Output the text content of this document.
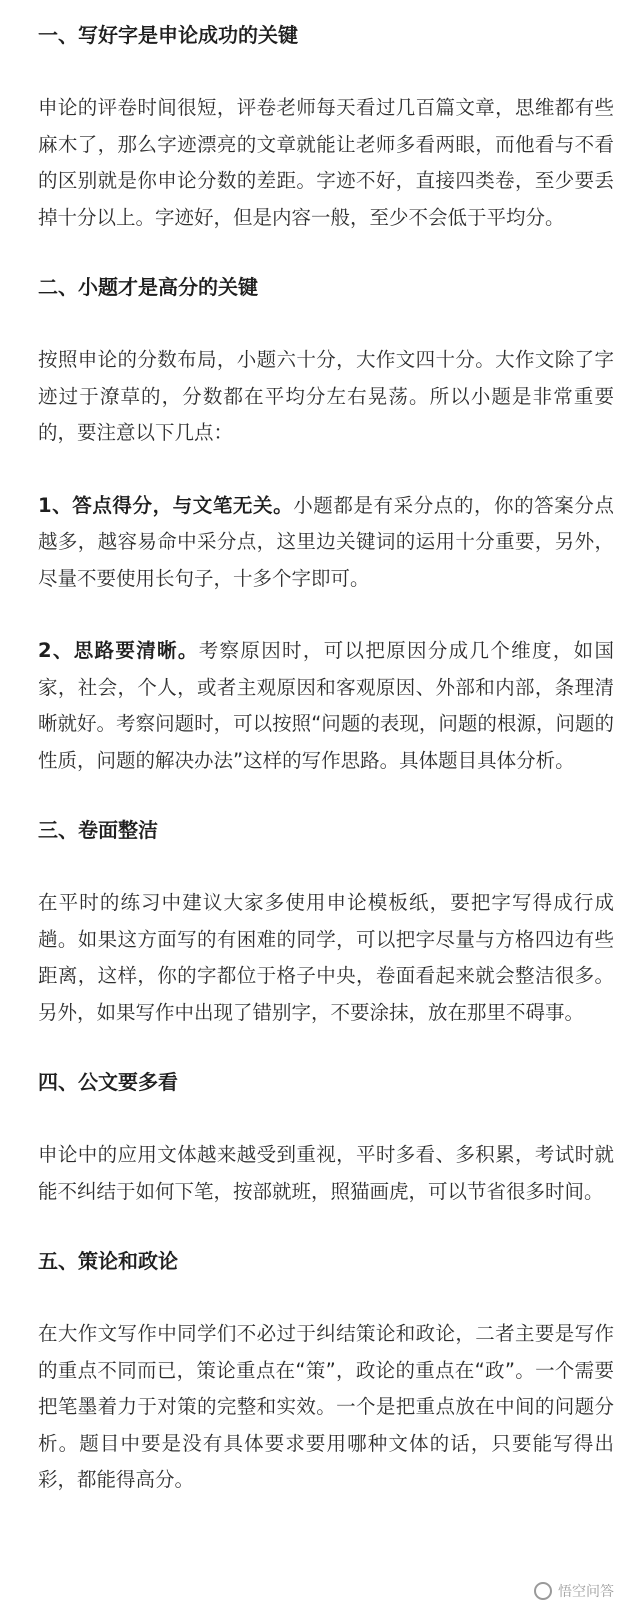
一、写好字是申论成功的关键

申论的评卷时间很短，评卷老师每天看过几百篇文章，思维都有些麻木了，那么字迹漂亮的文章就能让老师多看两眼，而他看与不看的区别就是你申论分数的差距。字迹不好，直接四类卷，至少要丢掉十分以上。字迹好，但是内容一般，至少不会低于平均分。

二、小题才是高分的关键

按照申论的分数布局，小题六十分，大作文四十分。大作文除了字迹过于潦草的，分数都在平均分左右晃荡。所以小题是非常重要的，要注意以下几点：

1、答点得分，与文笔无关。小题都是有采分点的，你的答案分点越多，越容易命中采分点，这里边关键词的运用十分重要，另外，尽量不要使用长句子，十多个字即可。

2、思路要清晰。考察原因时，可以把原因分成几个维度，如国家，社会，个人，或者主观原因和客观原因、外部和内部，条理清晰就好。考察问题时，可以按照“问题的表现，问题的根源，问题的性质，问题的解决办法”这样的写作思路。具体题目具体分析。

三、卷面整洁

在平时的练习中建议大家多使用申论模板纸，要把字写得成行成趟。如果这方面写的有困难的同学，可以把字尽量与方格四边有些距离，这样，你的字都位于格子中央，卷面看起来就会整洁很多。另外，如果写作中出现了错别字，不要涂抹，放在那里不碍事。

四、公文要多看

申论中的应用文体越来越受到重视，平时多看、多积累，考试时就能不纠结于如何下笔，按部就班，照猫画虎，可以节省很多时间。

五、策论和政论

在大作文写作中同学们不必过于纠结策论和政论，二者主要是写作的重点不同而已，策论重点在“策”，政论的重点在“政”。一个需要把笔墨着力于对策的完整和实效。一个是把重点放在中间的问题分析。题目中要是没有具体要求要用哪种文体的话，只要能写得出彩，都能得高分。

悟空问答
